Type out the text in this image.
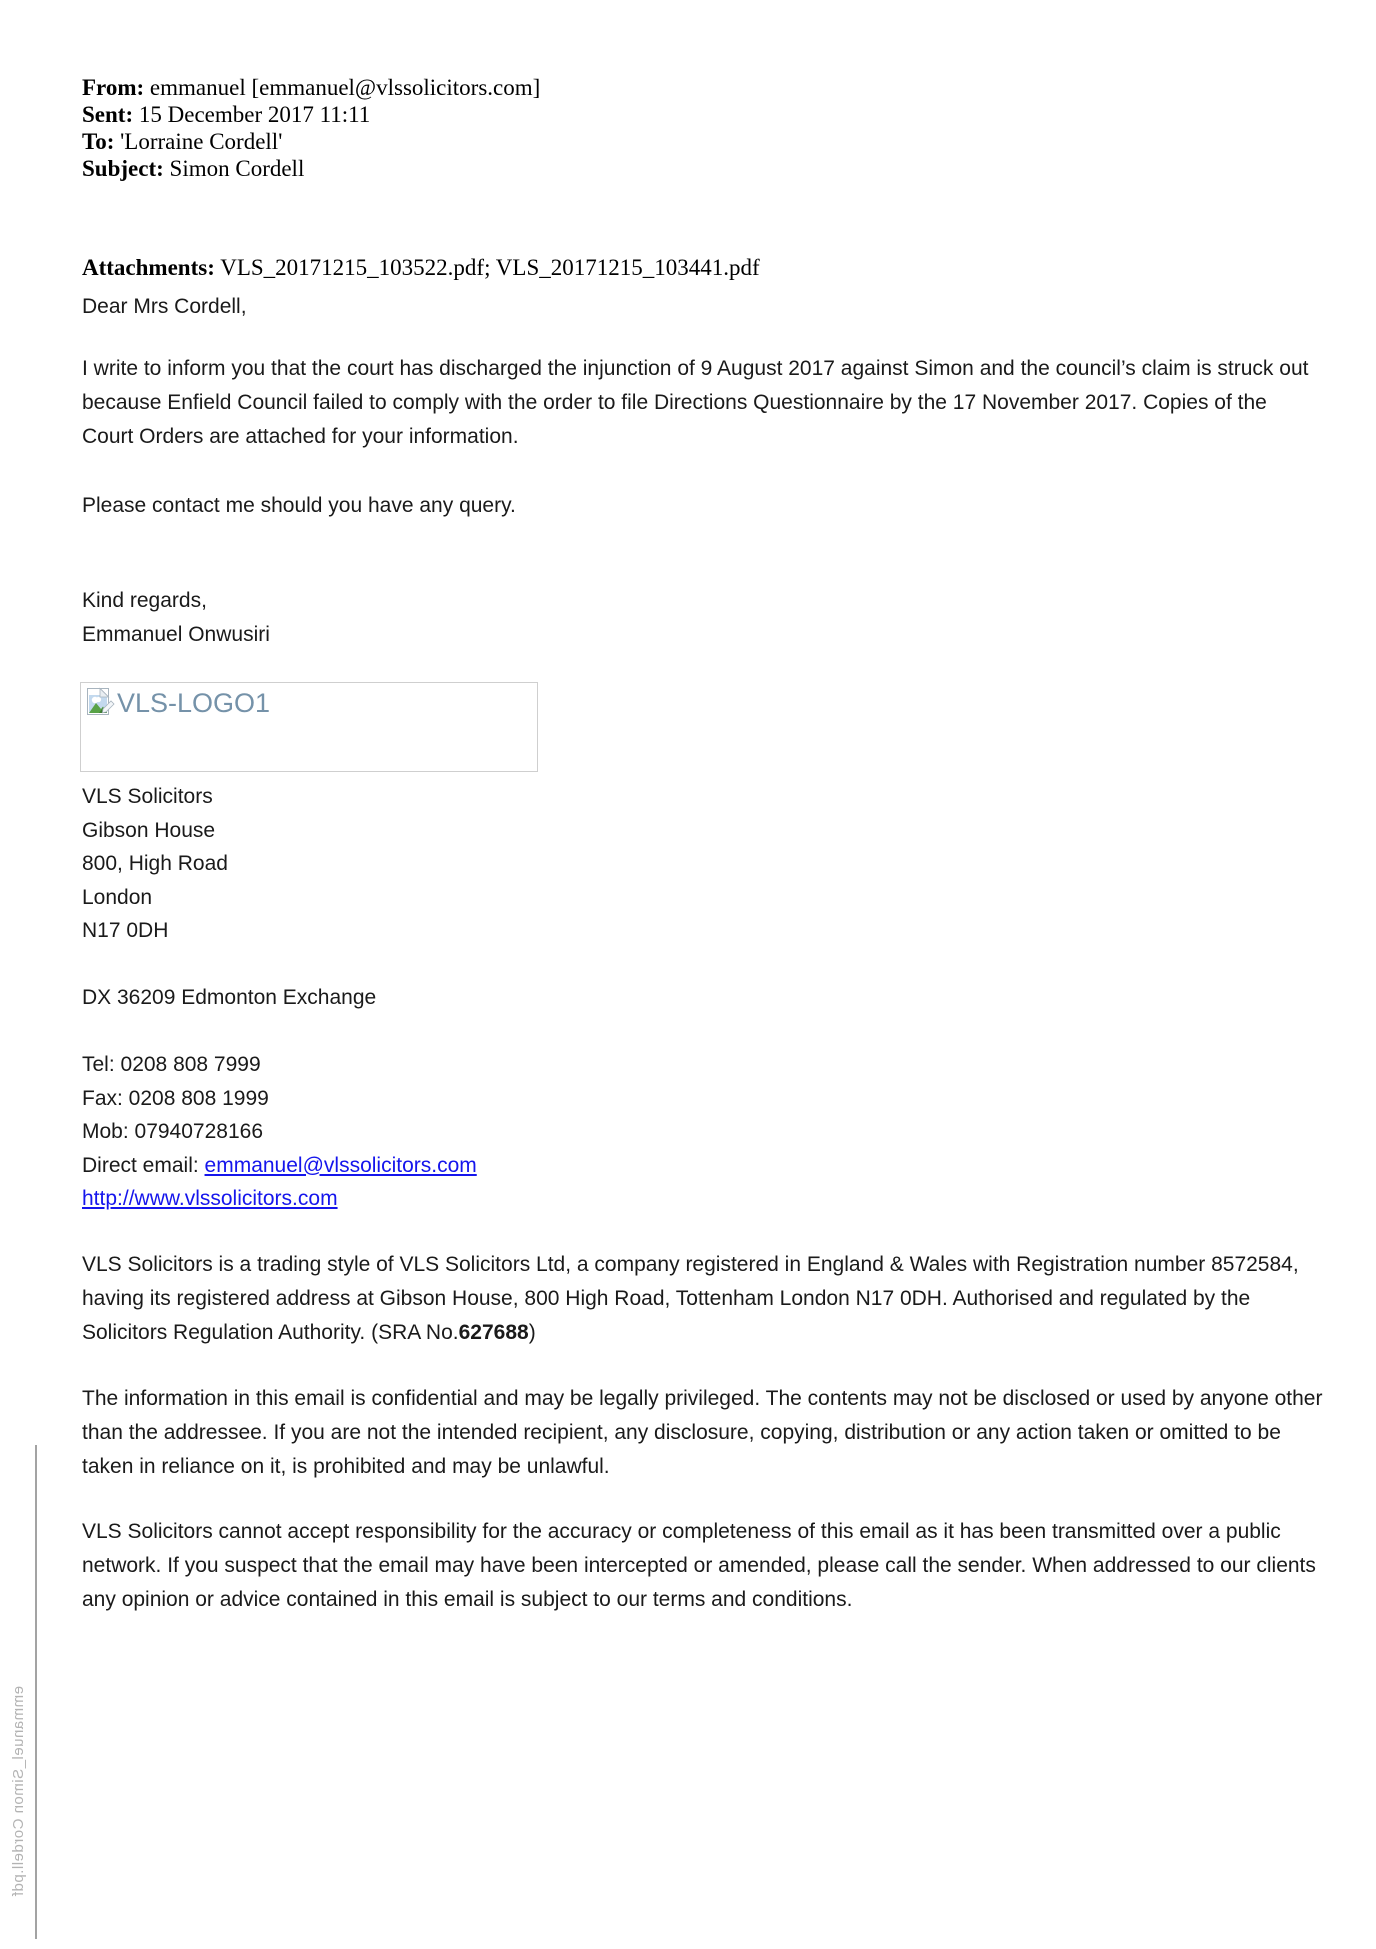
From: emmanuel [emmanuel@vlssolicitors.com]
Sent: 15 December 2017 11:11
To: 'Lorraine Cordell'
Subject: Simon Cordell
Attachments: VLS_20171215_103522.pdf; VLS_20171215_103441.pdf
Dear Mrs Cordell,
I write to inform you that the court has discharged the injunction of 9 August 2017 against Simon and the council’s claim is struck out because Enfield Council failed to comply with the order to file Directions Questionnaire by the 17 November 2017. Copies of the Court Orders are attached for your information.
Please contact me should you have any query.
Kind regards,
Emmanuel Onwusiri
VLS-LOGO1
VLS Solicitors
Gibson House
800, High Road
London
N17 0DH
DX 36209 Edmonton Exchange
Tel: 0208 808 7999
Fax: 0208 808 1999
Mob: 07940728166
Direct email: emmanuel@vlssolicitors.com
http://www.vlssolicitors.com
VLS Solicitors is a trading style of VLS Solicitors Ltd, a company registered in England & Wales with Registration number 8572584, having its registered address at Gibson House, 800 High Road, Tottenham London N17 0DH. Authorised and regulated by the Solicitors Regulation Authority. (SRA No.627688)
The information in this email is confidential and may be legally privileged. The contents may not be disclosed or used by anyone other than the addressee. If you are not the intended recipient, any disclosure, copying, distribution or any action taken or omitted to be taken in reliance on it, is prohibited and may be unlawful.
VLS Solicitors cannot accept responsibility for the accuracy or completeness of this email as it has been transmitted over a public network. If you suspect that the email may have been intercepted or amended, please call the sender. When addressed to our clients any opinion or advice contained in this email is subject to our terms and conditions.
emmanuel_Simon Cordell.pdf
